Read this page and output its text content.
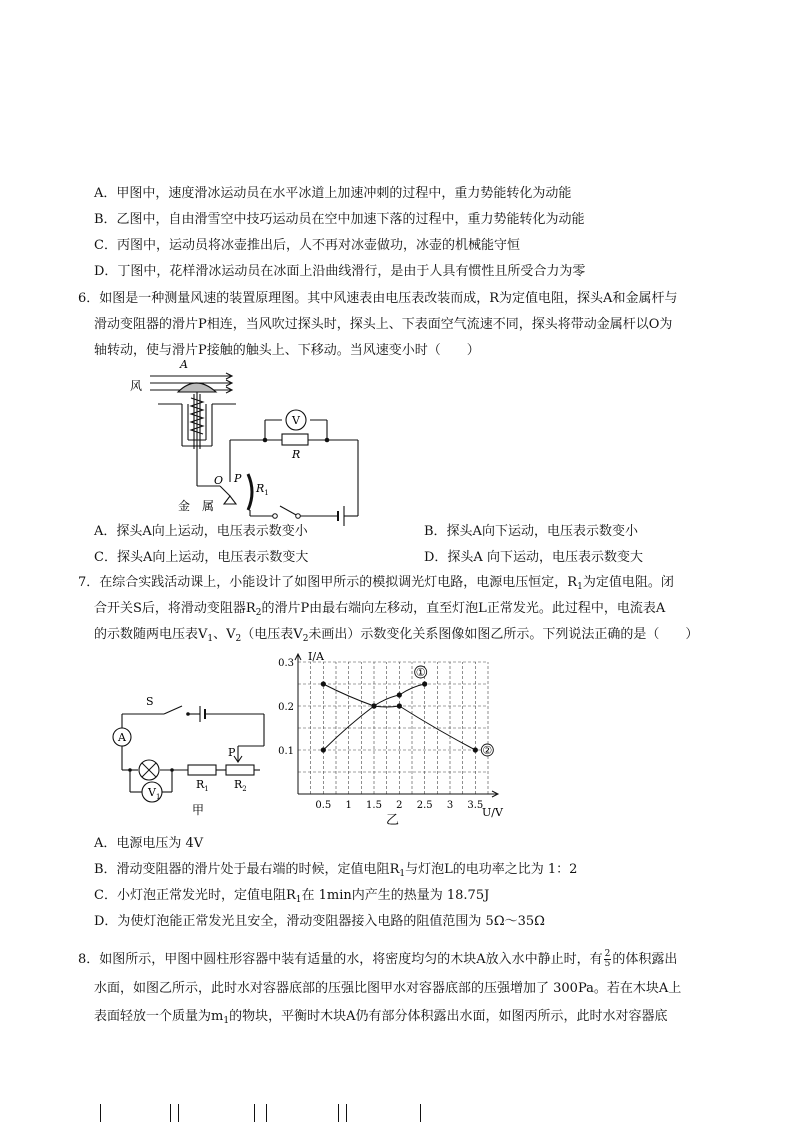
A．甲图中，速度滑冰运动员在水平冰道上加速冲刺的过程中，重力势能转化为动能
B．乙图中，自由滑雪空中技巧运动员在空中加速下落的过程中，重力势能转化为动能
C．丙图中，运动员将冰壶推出后，人不再对冰壶做功，冰壶的机械能守恒
D．丁图中，花样滑冰运动员在冰面上沿曲线滑行，是由于人具有惯性且所受合力为零
6．如图是一种测量风速的装置原理图。其中风速表由电压表改装而成，R为定值电阻，探头A和金属杆与
滑动变阻器的滑片P相连，当风吹过探头时，探头上、下表面空气流速不同，探头将带动金属杆以O为
轴转动，使与滑片P接触的触头上、下移动。当风速变小时（　　）
风
A
V
R
O P
$R_1$
金　属
A．探头A向上运动，电压表示数变小	B．探头A向下运动，电压表示数变小
C．探头A向上运动，电压表示数变大	D．探头A 向下运动，电压表示数变大
7．在综合实践活动课上，小能设计了如图甲所示的模拟调光灯电路，电源电压恒定，$R_1$为定值电阻。闭
合开关S后，将滑动变阻器$R_2$的滑片P由最右端向左移动，直至灯泡L正常发光。此过程中，电流表A
的示数随两电压表$V_1$、$V_2$（电压表$V_2$未画出）示数变化关系图像如图乙所示。下列说法正确的是（　　）
S
A
$V_1$
$R_1$ $R_2$
P
甲	0.5 1 1.5 2 2.5 3 3.5
0.1
0.2
0.3
I/A
U/V
乙
①
②
A．电源电压为 4V
B．滑动变阻器的滑片处于最右端的时候，定值电阻$R_1$与灯泡L的电功率之比为 1：2
C．小灯泡正常发光时，定值电阻$R_1$在 1min内产生的热量为 18.75J
D．为使灯泡能正常发光且安全，滑动变阻器接入电路的阻值范围为 5Ω～35Ω
8．如图所示，甲图中圆柱形容器中装有适量的水，将密度均匀的木块A放入水中静止时，有 $\frac{2}{5}$ 的体积露出
水面，如图乙所示，此时水对容器底部的压强比图甲水对容器底部的压强增加了 300Pa。若在木块A上
表面轻放一个质量为$m_1$的物块，平衡时木块A仍有部分体积露出水面，如图丙所示，此时水对容器底
